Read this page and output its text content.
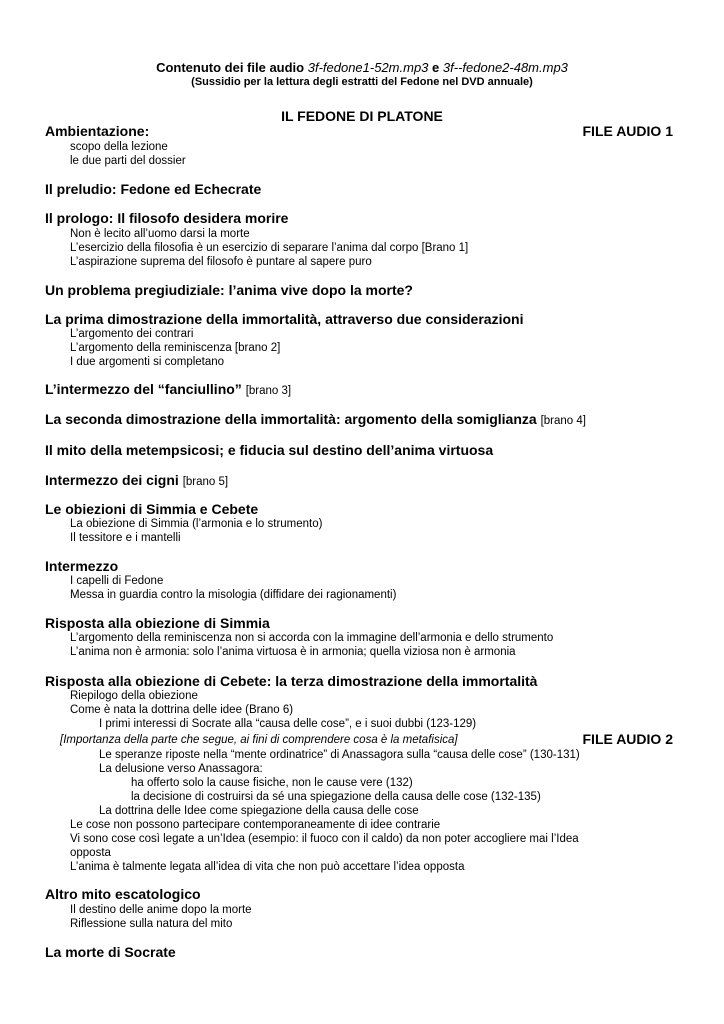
Contenuto dei file audio 3f-fedone1-52m.mp3 e 3f--fedone2-48m.mp3
(Sussidio per la lettura degli estratti del Fedone nel DVD annuale)
IL FEDONE DI PLATONE
Ambientazione:	FILE AUDIO 1
scopo della lezione
le due parti del dossier
Il preludio: Fedone ed Echecrate
Il prologo: Il filosofo desidera morire
Non è lecito all’uomo darsi la morte
L’esercizio della filosofia è un esercizio di separare l’anima dal corpo [Brano 1]
L’aspirazione suprema del filosofo è puntare al sapere puro
Un problema pregiudiziale: l’anima vive dopo la morte?
La prima dimostrazione della immortalità, attraverso due considerazioni
L’argomento dei contrari
L’argomento della reminiscenza [brano 2]
I due argomenti si completano
L’intermezzo del “fanciullino” [brano 3]
La seconda dimostrazione della immortalità: argomento della somiglianza [brano 4]
Il mito della metempsicosi; e fiducia sul destino dell’anima virtuosa
Intermezzo dei cigni [brano 5]
Le obiezioni di Simmia e Cebete
La obiezione di Simmia (l’armonia e lo strumento)
Il tessitore e i mantelli
Intermezzo
I capelli di Fedone
Messa in guardia contro la misologia (diffidare dei ragionamenti)
Risposta alla obiezione di Simmia
L’argomento della reminiscenza non si accorda con la immagine dell’armonia e dello strumento
L’anima non è armonia: solo l’anima virtuosa è in armonia; quella viziosa non è armonia
Risposta alla obiezione di Cebete: la terza dimostrazione della immortalità
Riepilogo della obiezione
Come è nata la dottrina delle idee (Brano 6)
I primi interessi di Socrate alla “causa delle cose”, e i suoi dubbi (123-129)
[Importanza della parte che segue, ai fini di comprendere cosa è la metafisica]	FILE AUDIO 2
Le speranze riposte nella “mente ordinatrice” di Anassagora sulla “causa delle cose” (130-131)
La delusione verso Anassagora:
ha offerto solo la cause fisiche, non le cause vere (132)
la decisione di costruirsi da sé una spiegazione della causa delle cose (132-135)
La dottrina delle Idee come spiegazione della causa delle cose
Le cose non possono partecipare contemporaneamente di idee contrarie
Vi sono cose così legate a un’Idea (esempio: il fuoco con il caldo) da non poter accogliere mai l’Idea
opposta
L’anima è talmente legata all’idea di vita che non può accettare l’idea opposta
Altro mito escatologico
Il destino delle anime dopo la morte
Riflessione sulla natura del mito
La morte di Socrate
